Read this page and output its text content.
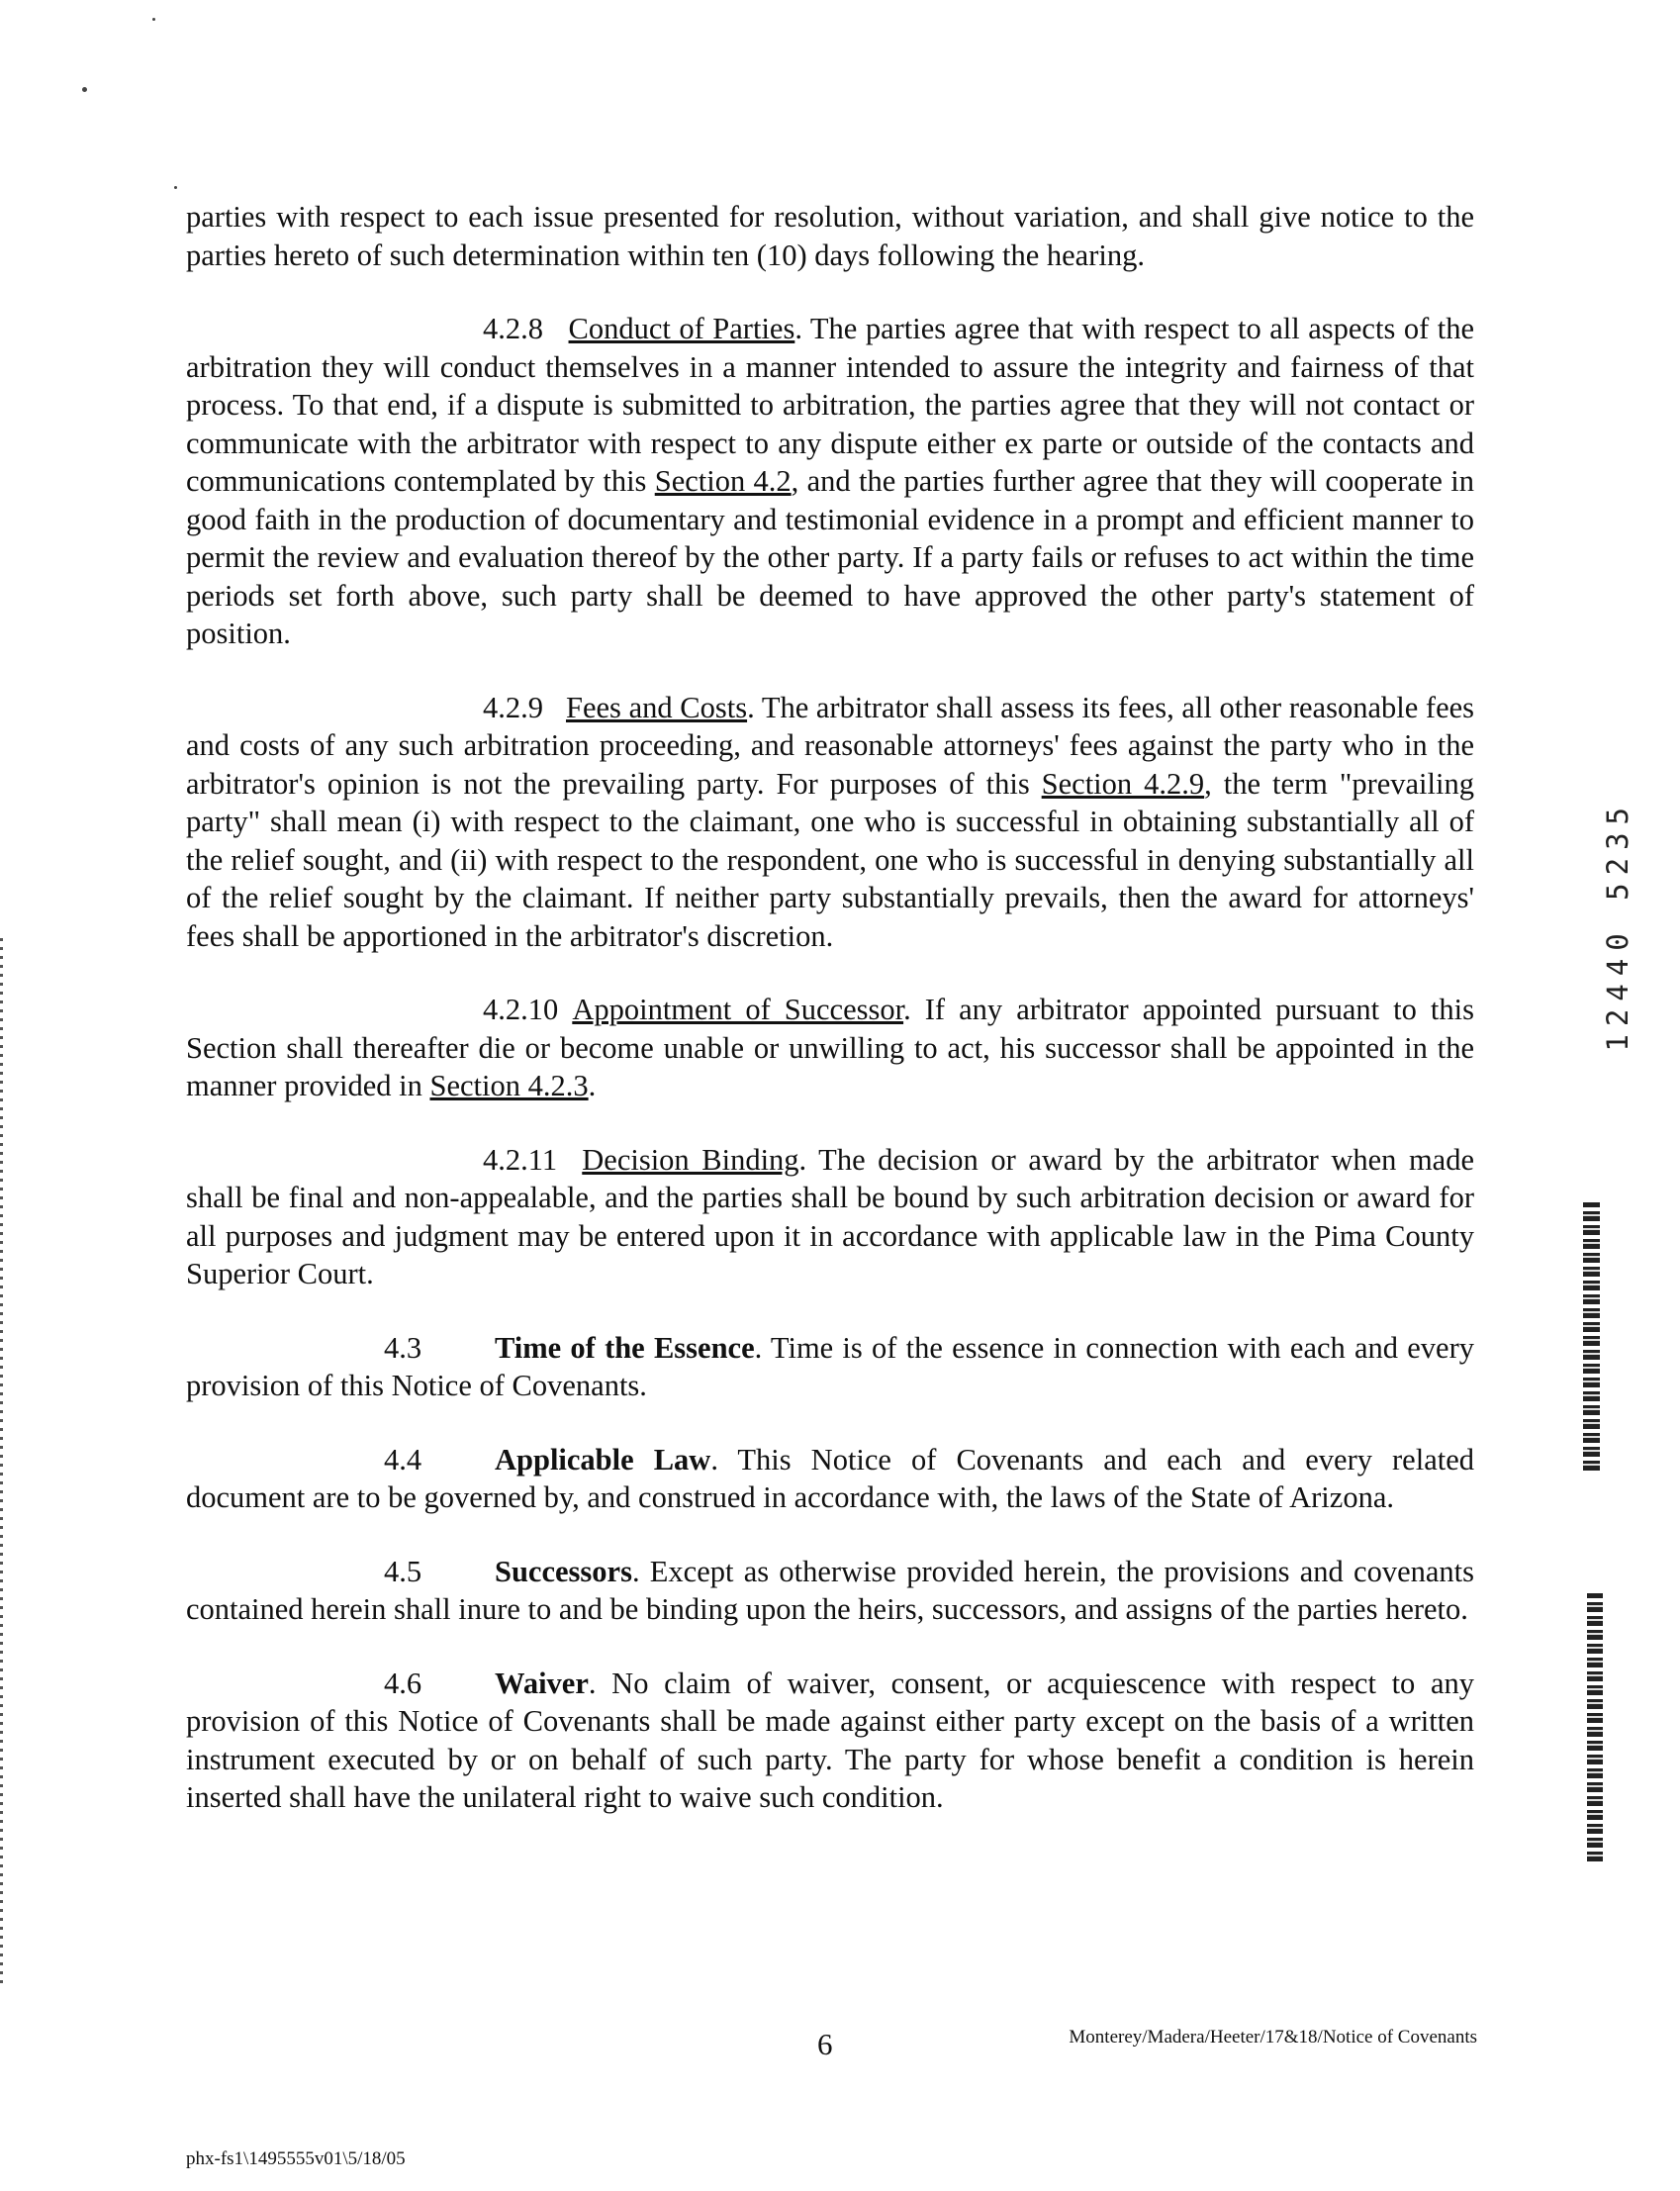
parties with respect to each issue presented for resolution, without variation, and shall give notice to the parties hereto of such determination within ten (10) days following the hearing.

4.2.8 Conduct of Parties. The parties agree that with respect to all aspects of the arbitration they will conduct themselves in a manner intended to assure the integrity and fairness of that process. To that end, if a dispute is submitted to arbitration, the parties agree that they will not contact or communicate with the arbitrator with respect to any dispute either ex parte or outside of the contacts and communications contemplated by this Section 4.2, and the parties further agree that they will cooperate in good faith in the production of documentary and testimonial evidence in a prompt and efficient manner to permit the review and evaluation thereof by the other party. If a party fails or refuses to act within the time periods set forth above, such party shall be deemed to have approved the other party's statement of position.

4.2.9 Fees and Costs. The arbitrator shall assess its fees, all other reasonable fees and costs of any such arbitration proceeding, and reasonable attorneys' fees against the party who in the arbitrator's opinion is not the prevailing party. For purposes of this Section 4.2.9, the term "prevailing party" shall mean (i) with respect to the claimant, one who is successful in obtaining substantially all of the relief sought, and (ii) with respect to the respondent, one who is successful in denying substantially all of the relief sought by the claimant. If neither party substantially prevails, then the award for attorneys' fees shall be apportioned in the arbitrator's discretion.

4.2.10 Appointment of Successor. If any arbitrator appointed pursuant to this Section shall thereafter die or become unable or unwilling to act, his successor shall be appointed in the manner provided in Section 4.2.3.

4.2.11 Decision Binding. The decision or award by the arbitrator when made shall be final and non-appealable, and the parties shall be bound by such arbitration decision or award for all purposes and judgment may be entered upon it in accordance with applicable law in the Pima County Superior Court.

4.3 Time of the Essence. Time is of the essence in connection with each and every provision of this Notice of Covenants.

4.4 Applicable Law. This Notice of Covenants and each and every related document are to be governed by, and construed in accordance with, the laws of the State of Arizona.

4.5 Successors. Except as otherwise provided herein, the provisions and covenants contained herein shall inure to and be binding upon the heirs, successors, and assigns of the parties hereto.

4.6 Waiver. No claim of waiver, consent, or acquiescence with respect to any provision of this Notice of Covenants shall be made against either party except on the basis of a written instrument executed by or on behalf of such party. The party for whose benefit a condition is herein inserted shall have the unilateral right to waive such condition.

12440 5235
6	Monterey/Madera/Heeter/17&18/Notice of Covenants
phx-fs1\1495555v01\5/18/05
